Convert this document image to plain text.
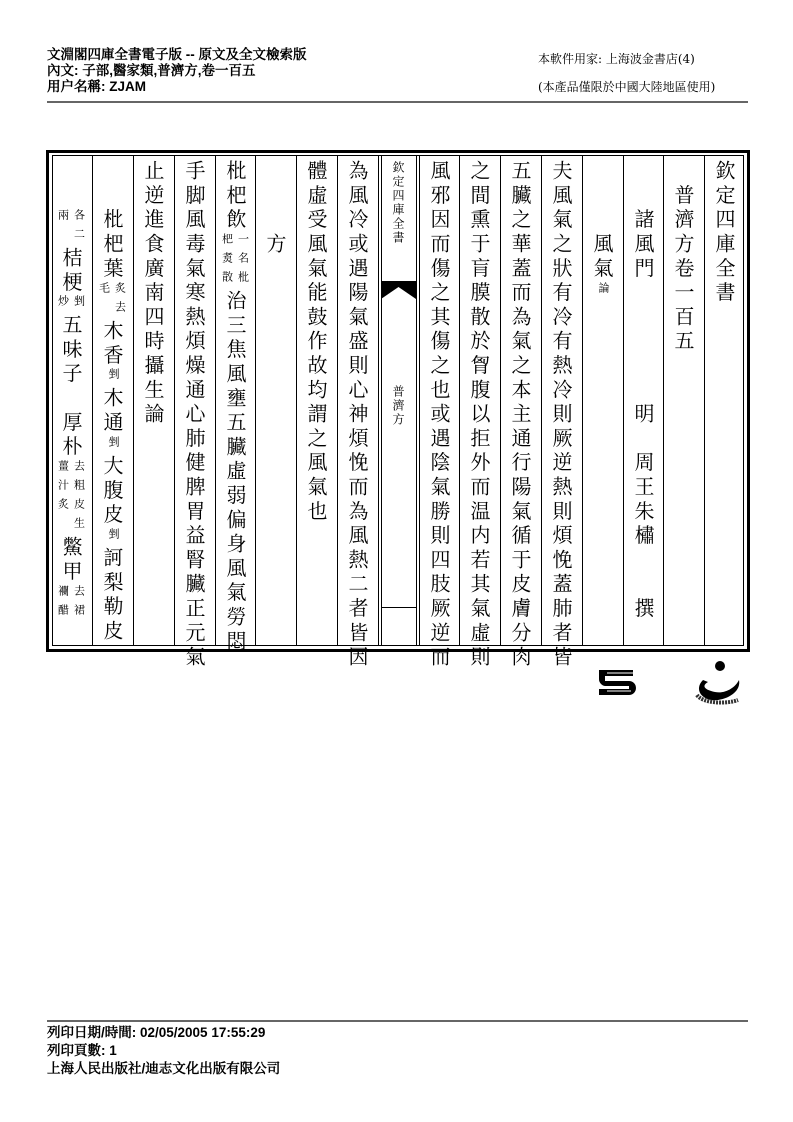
文淵閣四庫全書電子版 -- 原文及全文檢索版
內文: 子部,醫家類,普濟方,卷一百五
用户名稱: ZJAM
本軟件用家: 上海波金書店(4)
(本產品僅限於中國大陸地區使用)
欽定四庫全書
　普濟方卷一百五
　　諸風門　　　　　明　周王朱橚　　撰
　　　風氣
論
夫風氣之狀有冷有熱冷則厥逆熱則煩悗蓋肺者皆
五臟之華蓋而為氣之本主通行陽氣循于皮膚分肉
之間熏于肓膜散於胷腹以拒外而温内若其氣虛則
風邪因而傷之其傷之也或遇陰氣勝則四肢厥逆而
為風冷或遇陽氣盛則心神煩悗而為風熱二者皆因
體虛受風氣能鼓作故均謂之風氣也
　　　方
枇杷飲
一名枇
杷煑散
治三焦風壅五臟虛弱偏身風氣勞悶
手脚風毒氣寒熱煩燥通心肺健脾胃益腎臟正元氣
止逆進食廣南四時攝生論
　　枇杷葉
炙去
毛
木香
剉
木通
剉
大腹皮
剉
訶梨勒皮

各二
兩
桔梗
剉
炒
五味子　厚朴
去粗皮生
薑汁炙
鱉甲
去裙
襴醋
欽定四庫全書
普濟方
列印日期/時間: 02/05/2005 17:55:29
列印頁數: 1
上海人民出版社/迪志文化出版有限公司
